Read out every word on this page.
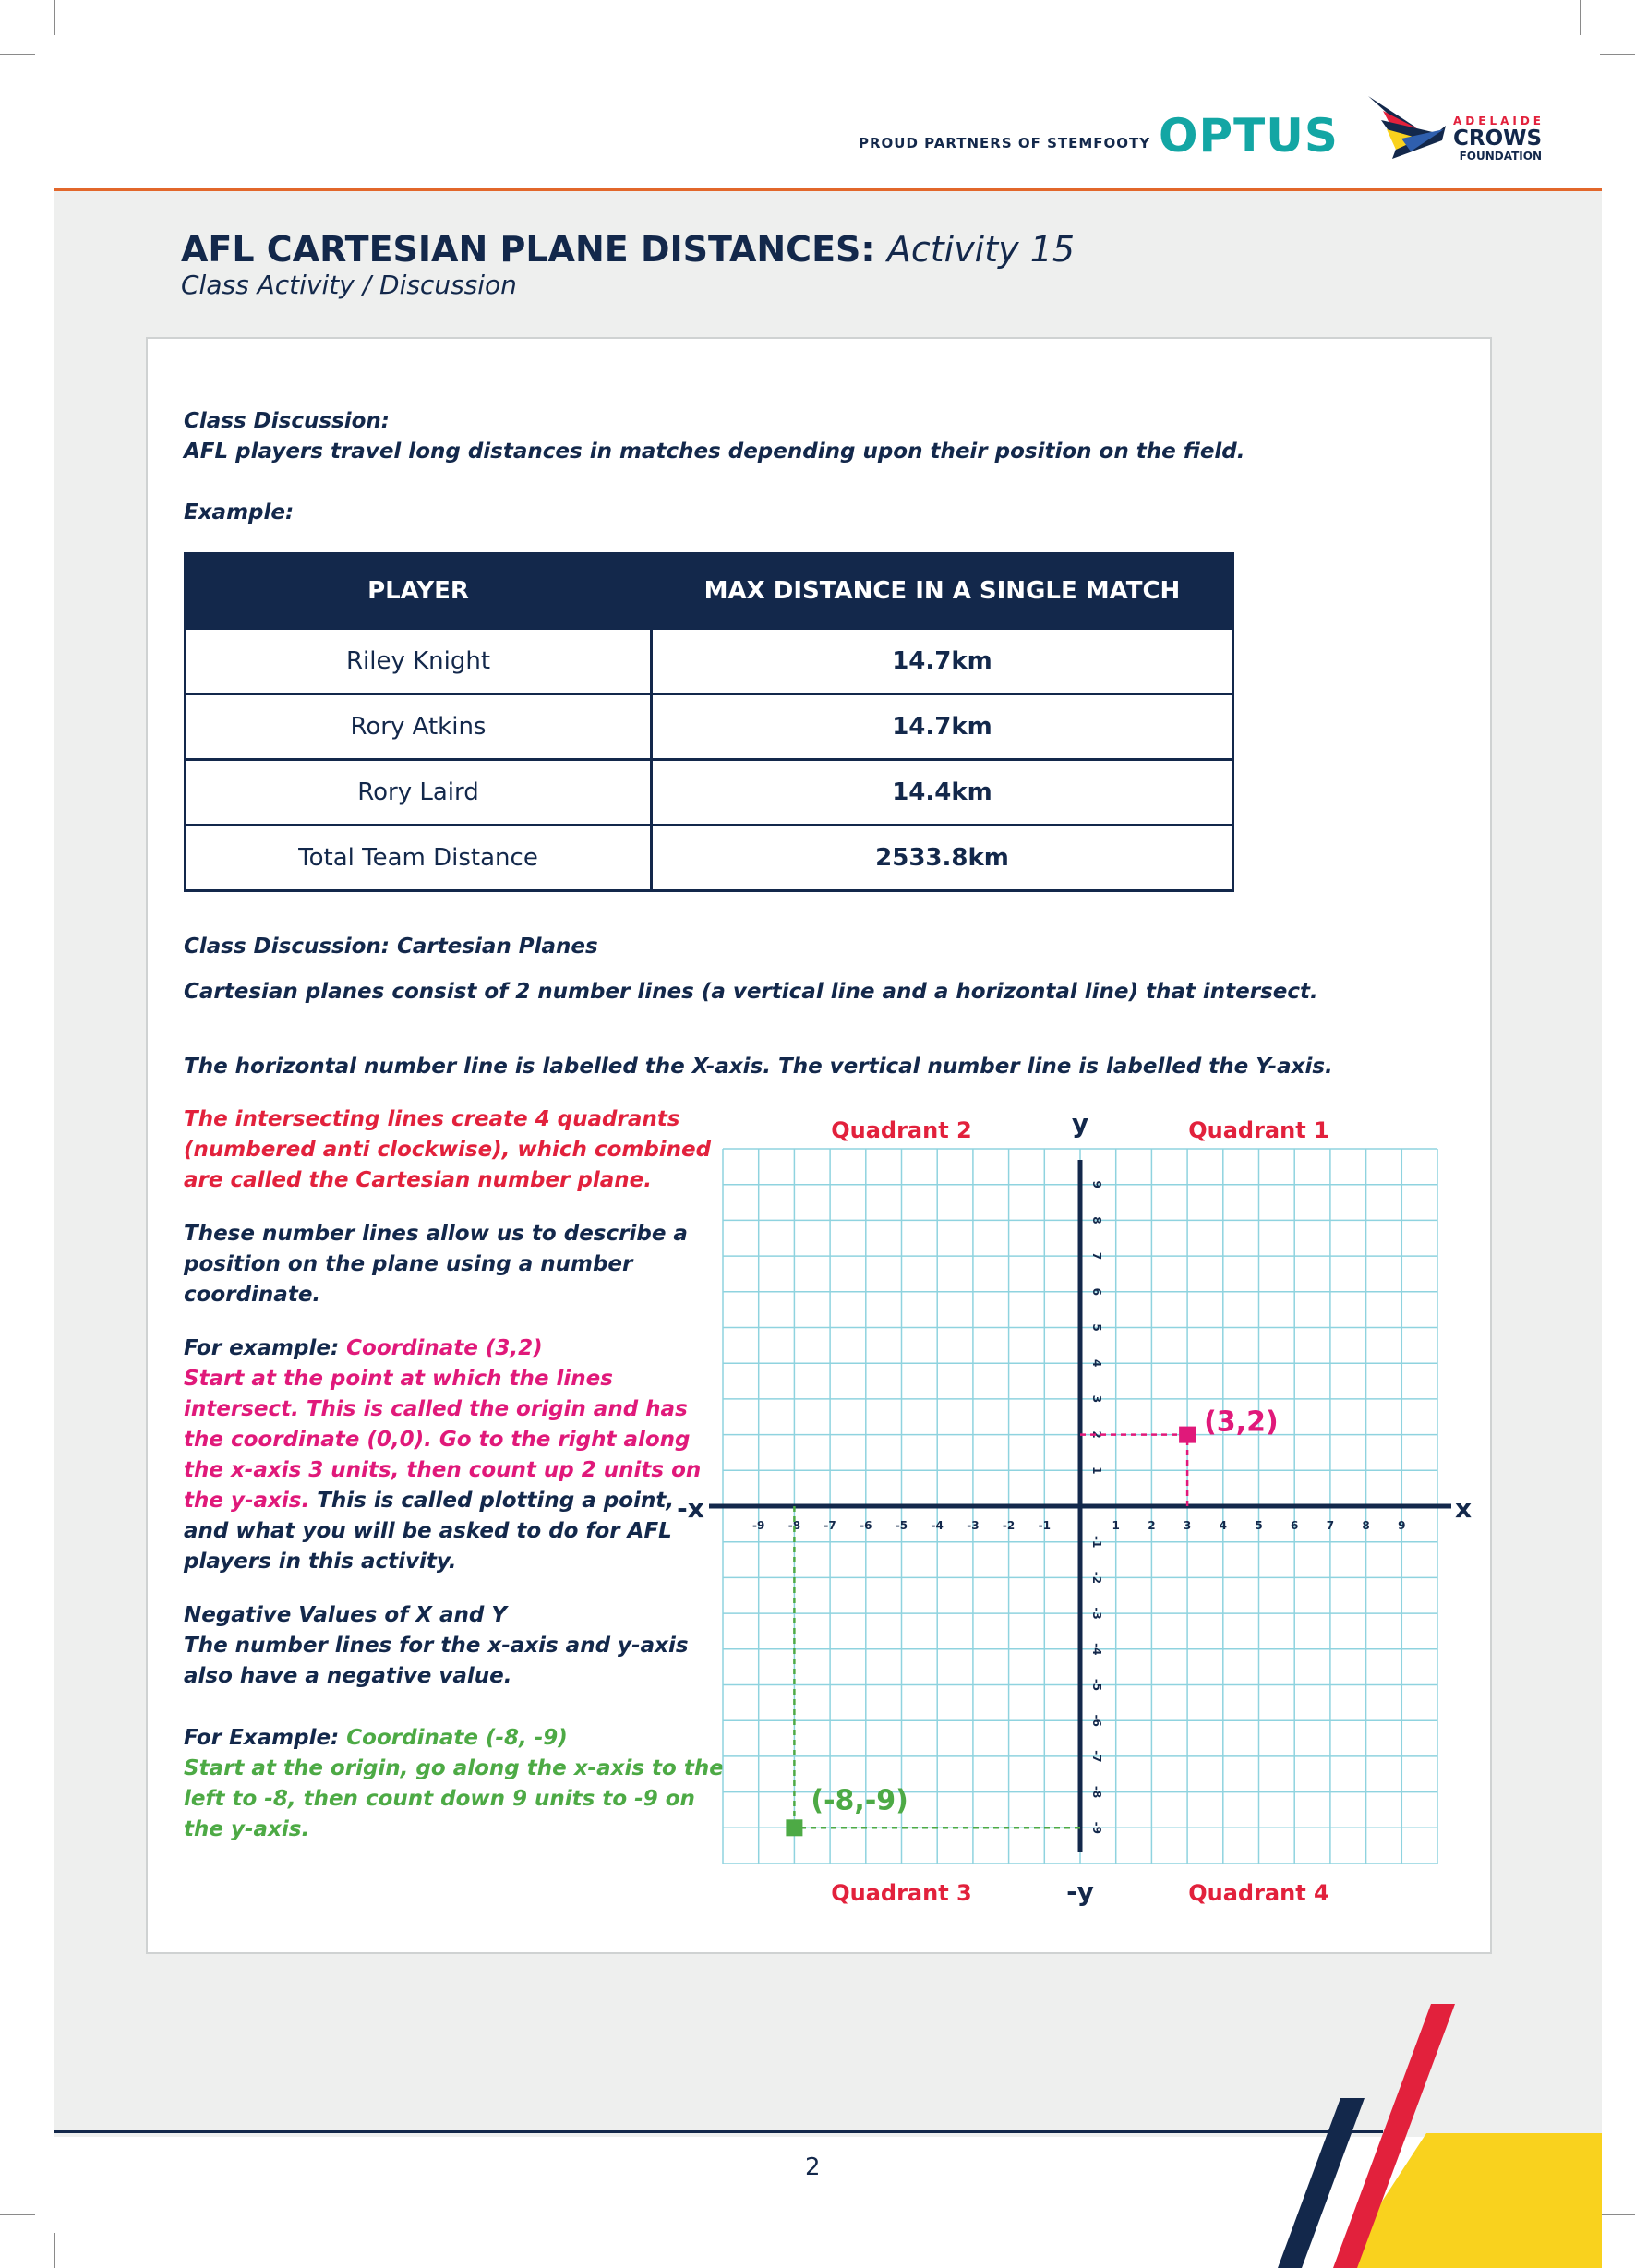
PROUD PARTNERS OF STEMFOOTY OPTUS	ADELAIDE
CROWS
FOUNDATION
AFL CARTESIAN PLANE DISTANCES: Activity 15
Class Activity / Discussion
Class Discussion:
AFL players travel long distances in matches depending upon their position on the field.
Example:
PLAYER	MAX DISTANCE IN A SINGLE MATCH
Riley Knight	14.7km
Rory Atkins	14.7km
Rory Laird	14.4km
Total Team Distance	2533.8km
Class Discussion: Cartesian Planes
Cartesian planes consist of 2 number lines (a vertical line and a horizontal line) that intersect.
The horizontal number line is labelled the X-axis. The vertical number line is labelled the Y-axis.
The intersecting lines create 4 quadrants
(numbered anti clockwise), which combined
are called the Cartesian number plane.
These number lines allow us to describe a
position on the plane using a number
coordinate.
For example: Coordinate (3,2)
Start at the point at which the lines
intersect. This is called the origin and has
the coordinate (0,0). Go to the right along
the x-axis 3 units, then count up 2 units on
the y-axis. This is called plotting a point,
and what you will be asked to do for AFL
players in this activity.
Negative Values of X and Y
The number lines for the x-axis and y-axis
also have a negative value.
For Example: Coordinate (-8, -9)
Start at the origin, go along the x-axis to the
left to -8, then count down 9 units to -9 on
the y-axis.
y
-y
x
-x
-9 -8 -7 -6 -5 -4 -3 -2 -1	1	2	3	4	5	6	7	8	9
9
8
7
6
5
4
3
2
1
-1
-2
-3
-4
-5
-6
-7
-8
-9
Quadrant 1
Quadrant 2
Quadrant 3	Quadrant 4
(3,2)
(-8,-9)
2
